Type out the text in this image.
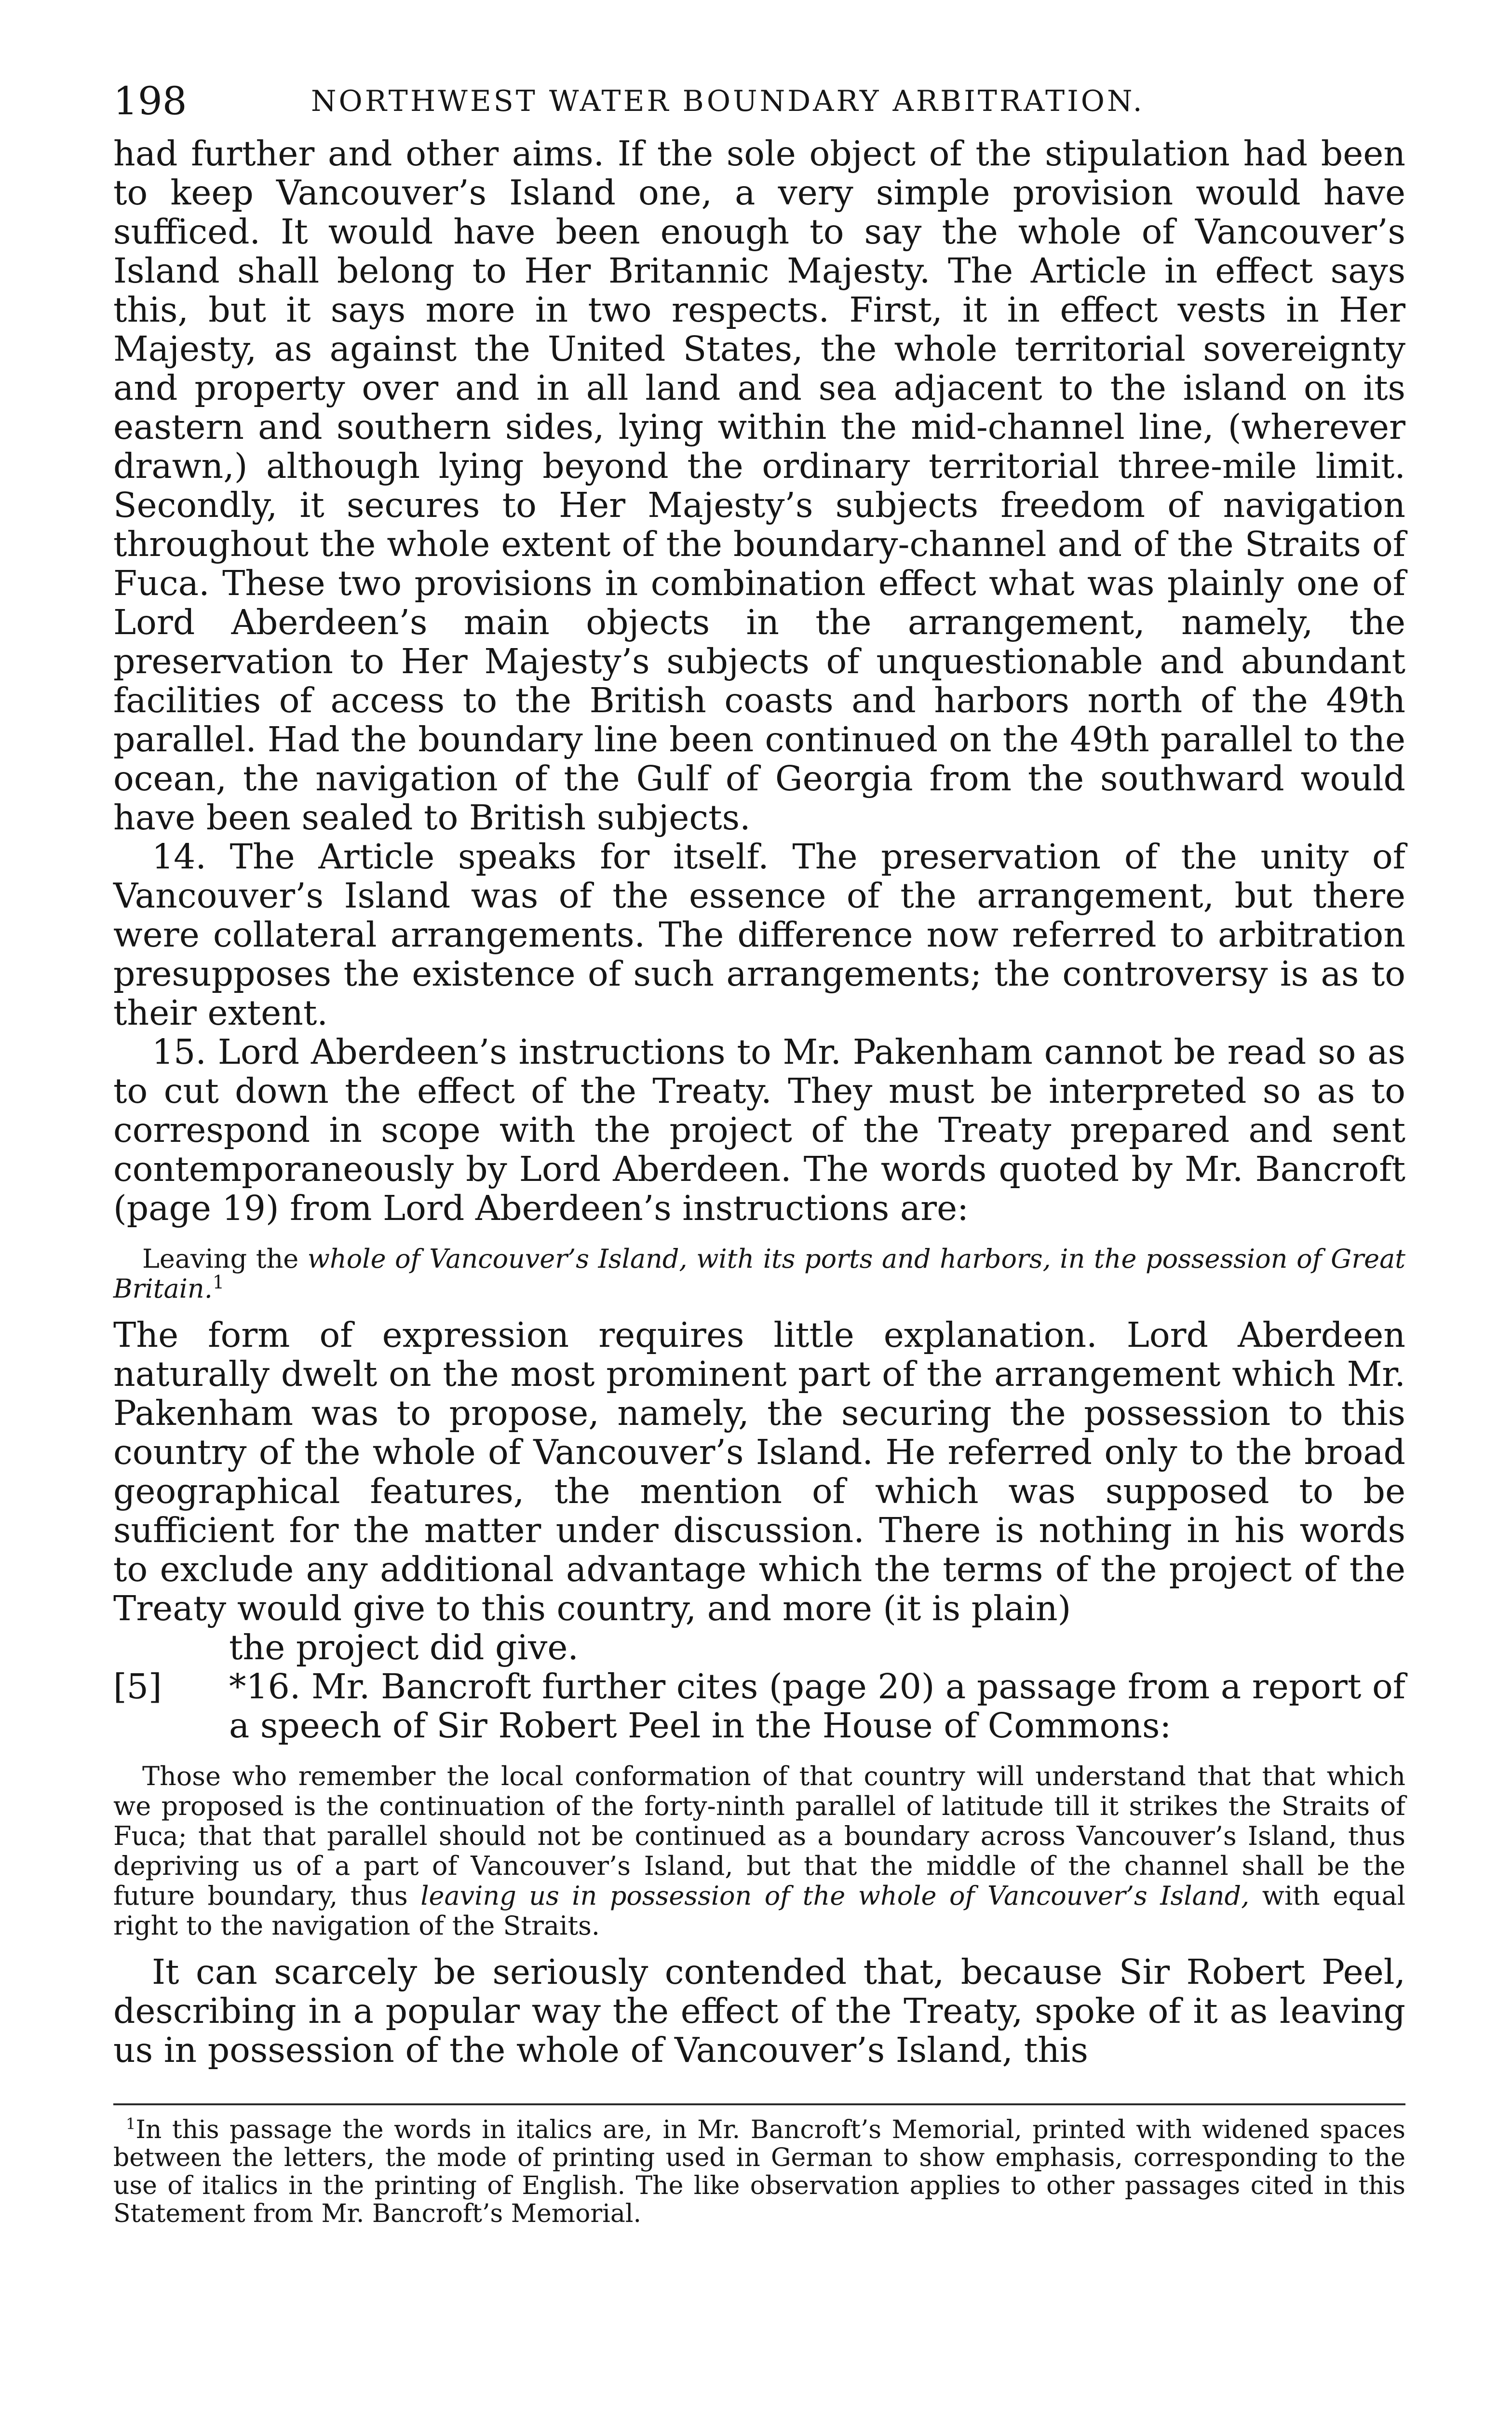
198	NORTHWEST WATER BOUNDARY ARBITRATION.

had further and other aims. If the sole object of the stipulation had been to keep Vancouver’s Island one, a very simple provision would have sufficed. It would have been enough to say the whole of Vancouver’s Island shall belong to Her Britannic Majesty. The Article in effect says this, but it says more in two respects. First, it in effect vests in Her Majesty, as against the United States, the whole territorial sovereignty and property over and in all land and sea adjacent to the island on its eastern and southern sides, lying within the mid-channel line, (wherever drawn,) although lying beyond the ordinary territorial three-mile limit. Secondly, it secures to Her Majesty’s subjects freedom of navigation throughout the whole extent of the boundary-channel and of the Straits of Fuca. These two provisions in combination effect what was plainly one of Lord Aberdeen’s main objects in the arrangement, namely, the preservation to Her Majesty’s subjects of unquestionable and abundant facilities of access to the British coasts and harbors north of the 49th parallel. Had the boundary line been continued on the 49th parallel to the ocean, the navigation of the Gulf of Georgia from the southward would have been sealed to British subjects.

14. The Article speaks for itself. The preservation of the unity of Vancouver’s Island was of the essence of the arrangement, but there were collateral arrangements. The difference now referred to arbitration presupposes the existence of such arrangements; the controversy is as to their extent.

15. Lord Aberdeen’s instructions to Mr. Pakenham cannot be read so as to cut down the effect of the Treaty. They must be interpreted so as to correspond in scope with the project of the Treaty prepared and sent contemporaneously by Lord Aberdeen. The words quoted by Mr. Bancroft (page 19) from Lord Aberdeen’s instructions are:

Leaving the whole of Vancouver’s Island, with its ports and harbors, in the possession of Great Britain.$^1$

The form of expression requires little explanation. Lord Aberdeen naturally dwelt on the most prominent part of the arrangement which Mr. Pakenham was to propose, namely, the securing the possession to this country of the whole of Vancouver’s Island. He referred only to the broad geographical features, the mention of which was supposed to be sufficient for the matter under discussion. There is nothing in his words to exclude any additional advantage which the terms of the project of the Treaty would give to this country, and more (it is plain)

the project did give.

[5] *16. Mr. Bancroft further cites (page 20) a passage from a report of a speech of Sir Robert Peel in the House of Commons:

Those who remember the local conformation of that country will understand that that which we proposed is the continuation of the forty-ninth parallel of latitude till it strikes the Straits of Fuca; that that parallel should not be continued as a boundary across Vancouver’s Island, thus depriving us of a part of Vancouver’s Island, but that the middle of the channel shall be the future boundary, thus leaving us in possession of the whole of Vancouver’s Island, with equal right to the navigation of the Straits.

It can scarcely be seriously contended that, because Sir Robert Peel, describing in a popular way the effect of the Treaty, spoke of it as leaving us in possession of the whole of Vancouver’s Island, this

$^1$In this passage the words in italics are, in Mr. Bancroft’s Memorial, printed with widened spaces between the letters, the mode of printing used in German to show emphasis, corresponding to the use of italics in the printing of English. The like observation applies to other passages cited in this Statement from Mr. Bancroft’s Memorial.
